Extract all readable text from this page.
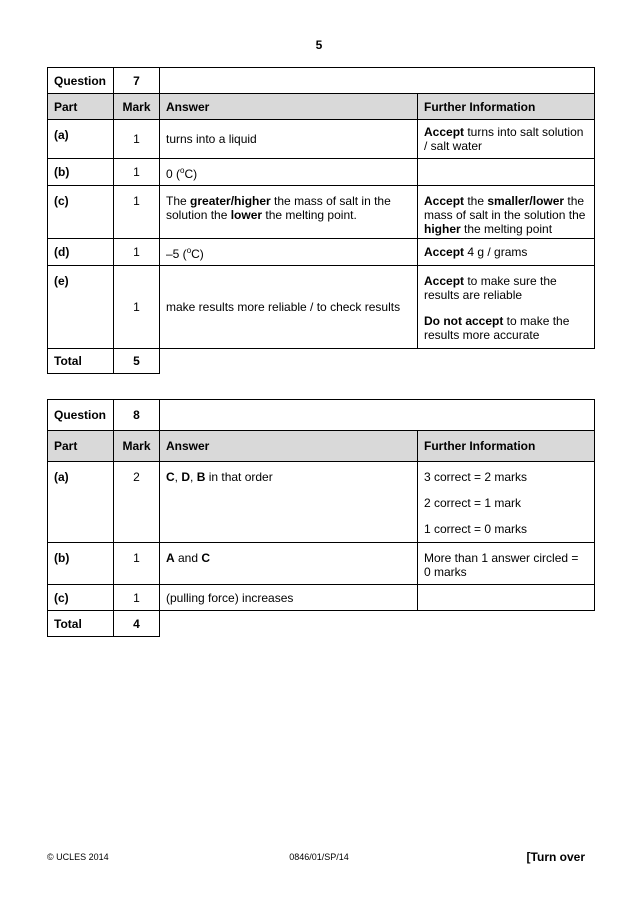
5
Question	7		
Part	Mark	Answer	Further Information
(a)	1	turns into a liquid	Accept turns into salt solution / salt water
(b)	1	0 ($^o$C)	
(c)	1	The greater/higher the mass of salt in the solution the lower the melting point.	Accept the smaller/lower the mass of salt in the solution the higher the melting point
(d)	1	–5 ($^o$C)	Accept 4 g / grams
(e)	1	make results more reliable / to check results	Accept to make sure the results are reliable

Do not accept to make the results more accurate

Total	5		
Question	8		
Part	Mark	Answer	Further Information
(a)	2	C, D, B in that order	3 correct = 2 marks

2 correct = 1 mark

1 correct = 0 marks

(b)	1	A and C	More than 1 answer circled = 0 marks
(c)	1	(pulling force) increases	
Total	4		
© UCLES 2014	0846/01/SP/14	[Turn over
